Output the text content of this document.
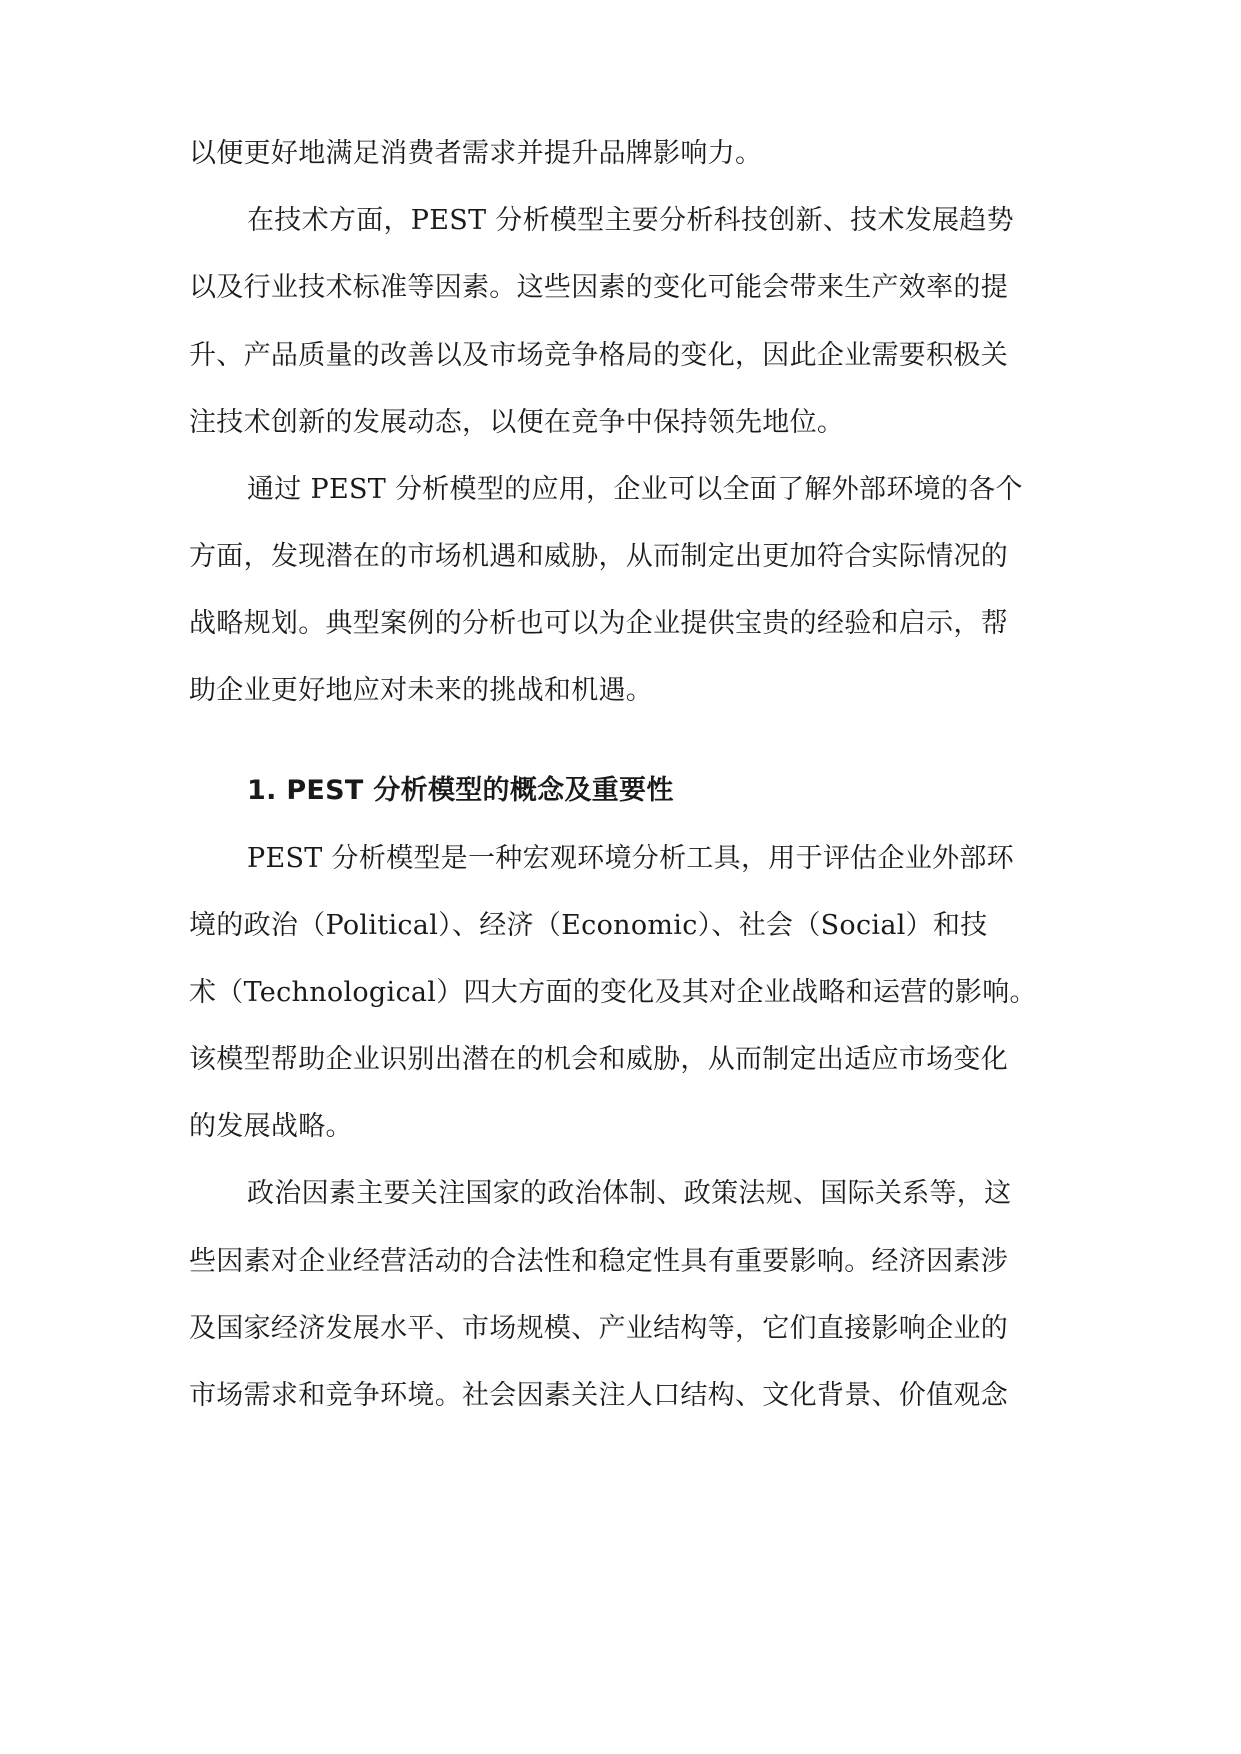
以便更好地满足消费者需求并提升品牌影响力。
在技术方面，PEST 分析模型主要分析科技创新、技术发展趋势
以及行业技术标准等因素。这些因素的变化可能会带来生产效率的提
升、产品质量的改善以及市场竞争格局的变化，因此企业需要积极关
注技术创新的发展动态，以便在竞争中保持领先地位。
通过 PEST 分析模型的应用，企业可以全面了解外部环境的各个
方面，发现潜在的市场机遇和威胁，从而制定出更加符合实际情况的
战略规划。典型案例的分析也可以为企业提供宝贵的经验和启示，帮
助企业更好地应对未来的挑战和机遇。
1. PEST 分析模型的概念及重要性
PEST 分析模型是一种宏观环境分析工具，用于评估企业外部环
境的政治（Political）、经济（Economic）、社会（Social）和技
术（Technological）四大方面的变化及其对企业战略和运营的影响。
该模型帮助企业识别出潜在的机会和威胁，从而制定出适应市场变化
的发展战略。
政治因素主要关注国家的政治体制、政策法规、国际关系等，这
些因素对企业经营活动的合法性和稳定性具有重要影响。经济因素涉
及国家经济发展水平、市场规模、产业结构等，它们直接影响企业的
市场需求和竞争环境。社会因素关注人口结构、文化背景、价值观念
